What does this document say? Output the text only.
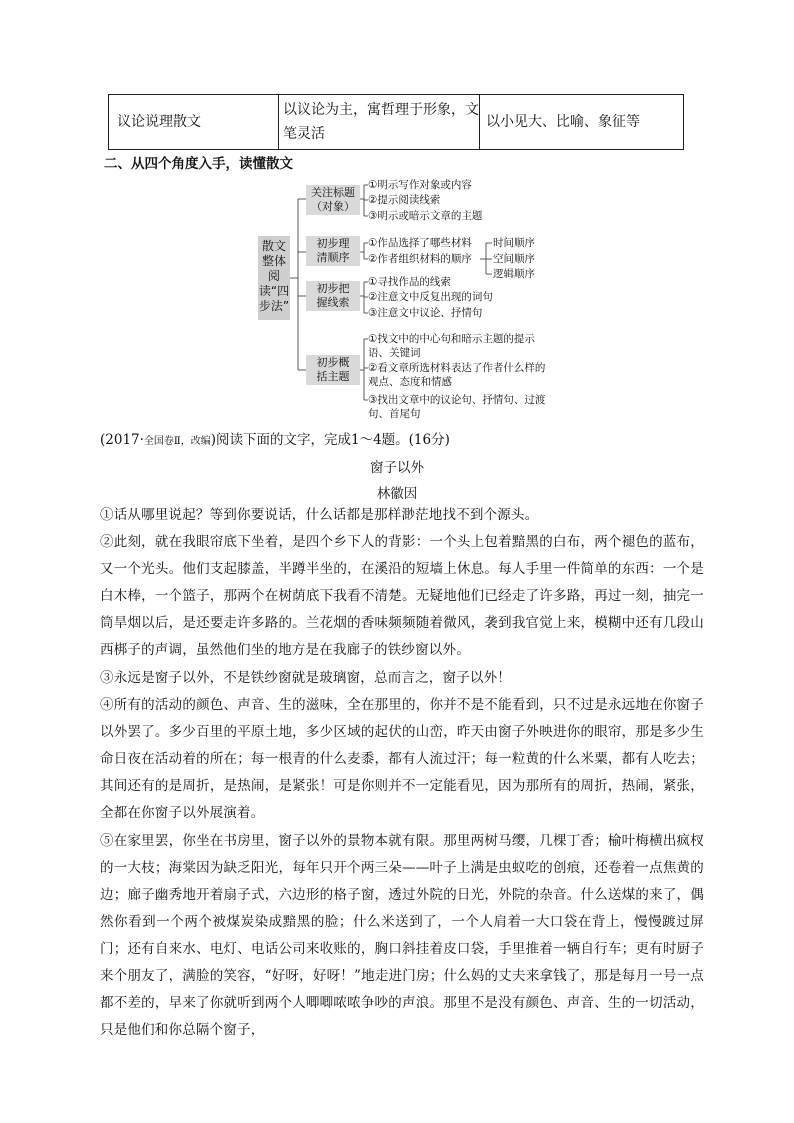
议论说理散文
以议论为主，寓哲理于形象，文笔灵活
以小见大、比喻、象征等
二、从四个角度入手，读懂散文
散文整体阅读“四步法”
关注标题（对象）
①明示写作对象或内容
②提示阅读线索
③明示或暗示文章的主题
初步理清顺序
①作品选择了哪些材料
②作者组织材料的顺序
时间顺序
空间顺序
逻辑顺序
初步把握线索
①寻找作品的线索
②注意文中反复出现的词句
③注意文中议论、抒情句
初步概括主题
①找文中的中心句和暗示主题的提示语、关键词
②看文章所选材料表达了作者什么样的观点、态度和情感
③找出文章中的议论句、抒情句、过渡句、首尾句
(2017·全国卷Ⅱ，改编)阅读下面的文字，完成1～4题。(16分)
窗子以外
林徽因
①话从哪里说起？等到你要说话，什么话都是那样渺茫地找不到个源头。
②此刻，就在我眼帘底下坐着，是四个乡下人的背影：一个头上包着黯黑的白布，两个褪色的蓝布，又一个光头。他们支起膝盖，半蹲半坐的，在溪沿的短墙上休息。每人手里一件简单的东西：一个是白木棒，一个篮子，那两个在树荫底下我看不清楚。无疑地他们已经走了许多路，再过一刻，抽完一筒旱烟以后，是还要走许多路的。兰花烟的香味频频随着微风，袭到我官觉上来，模糊中还有几段山西梆子的声调，虽然他们坐的地方是在我廊子的铁纱窗以外。
③永远是窗子以外，不是铁纱窗就是玻璃窗，总而言之，窗子以外！
④所有的活动的颜色、声音、生的滋味，全在那里的，你并不是不能看到，只不过是永远地在你窗子以外罢了。多少百里的平原土地，多少区域的起伏的山峦，昨天由窗子外映进你的眼帘，那是多少生命日夜在活动着的所在；每一根青的什么麦黍，都有人流过汗；每一粒黄的什么米粟，都有人吃去；其间还有的是周折，是热闹，是紧张！可是你则并不一定能看见，因为那所有的周折，热闹，紧张，全都在你窗子以外展演着。
⑤在家里罢，你坐在书房里，窗子以外的景物本就有限。那里两树马缨，几棵丁香；榆叶梅横出疯杈的一大枝；海棠因为缺乏阳光，每年只开个两三朵——叶子上满是虫蚁吃的创痕，还卷着一点焦黄的边；廊子幽秀地开着扇子式，六边形的格子窗，透过外院的日光，外院的杂音。什么送煤的来了，偶然你看到一个两个被煤炭染成黯黑的脸；什么米送到了，一个人肩着一大口袋在背上，慢慢踱过屏门；还有自来水、电灯、电话公司来收账的，胸口斜挂着皮口袋，手里推着一辆自行车；更有时厨子来个朋友了，满脸的笑容，“好呀，好呀！”地走进门房；什么妈的丈夫来拿钱了，那是每月一号一点都不差的，早来了你就听到两个人唧唧哝哝争吵的声浪。那里不是没有颜色、声音、生的一切活动，只是他们和你总隔个窗子，
